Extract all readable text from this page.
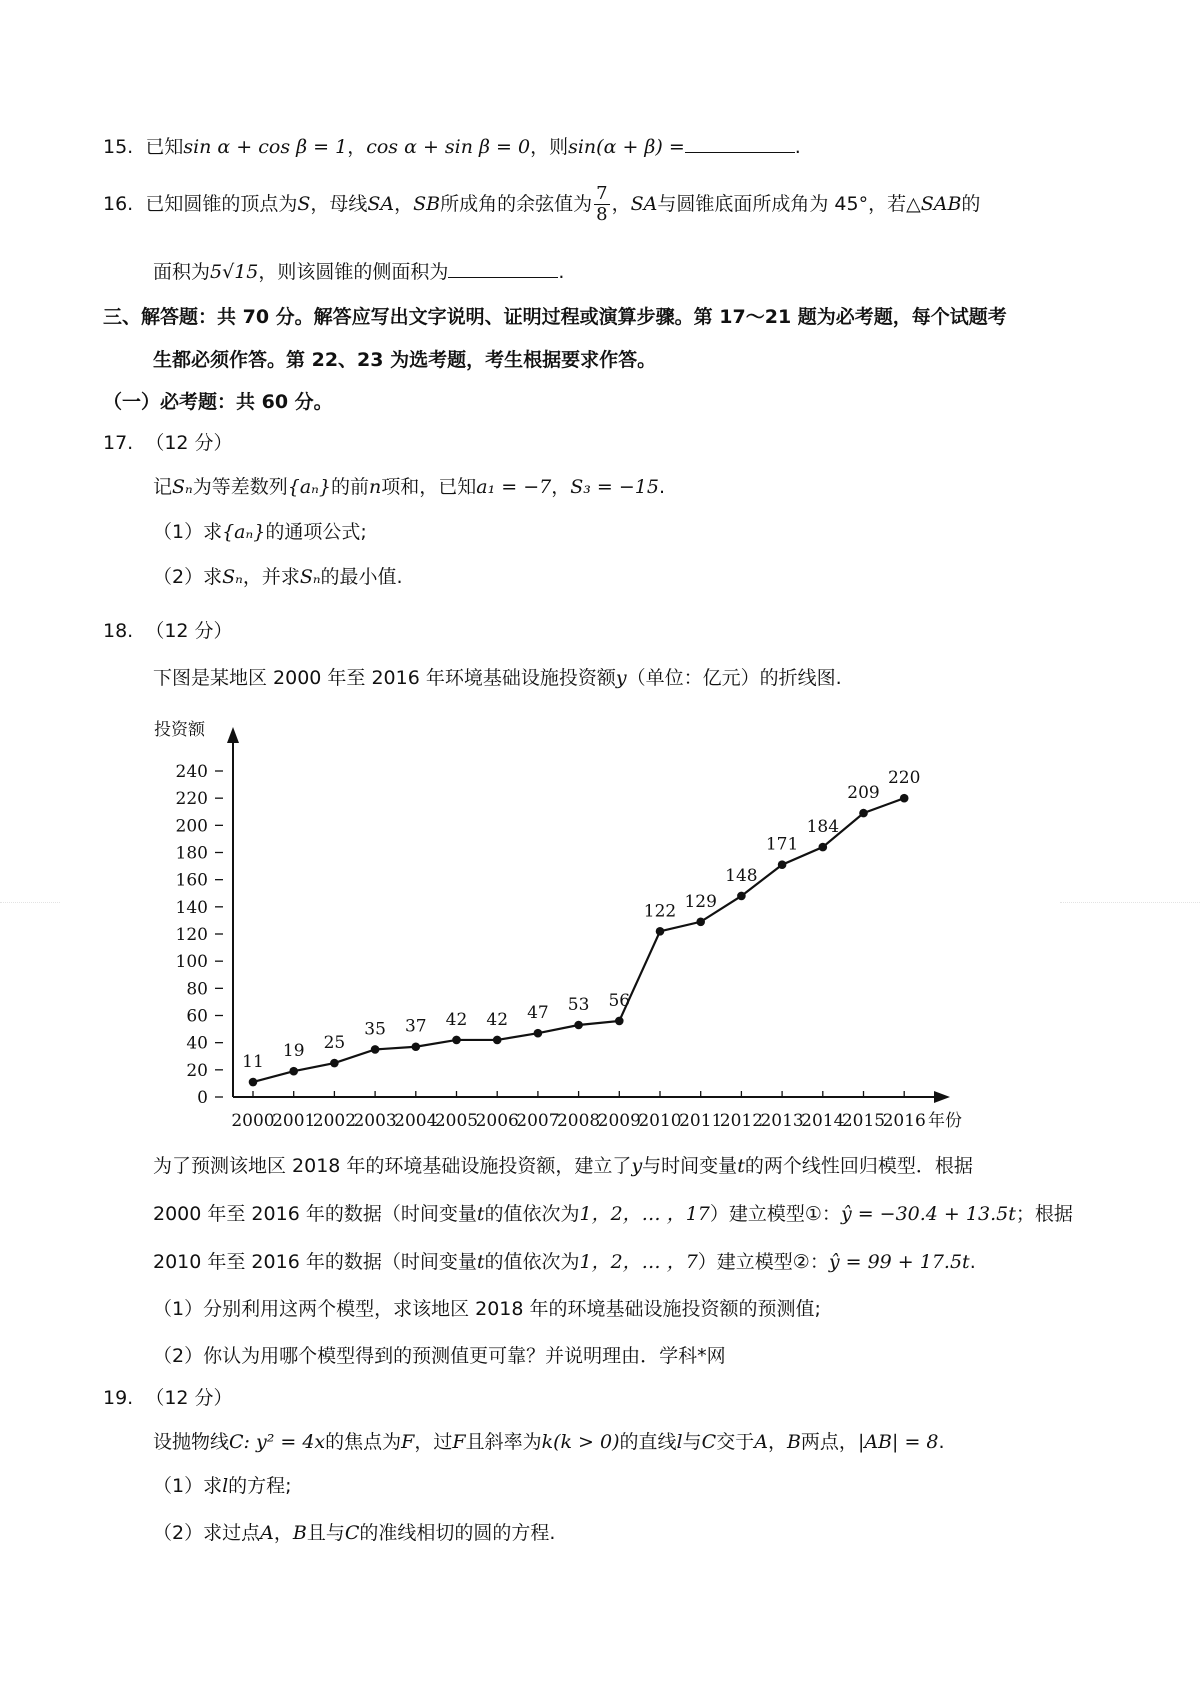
15. 已知sin α + cos β = 1，cos α + sin β = 0，则sin(α + β) =	.
16. 已知圆锥的顶点为S，母线SA，SB所成角的余弦值为 $\frac{7}{8}$ ，SA与圆锥底面所成角为 45°，若△SAB的
面积为5√15，则该圆锥的侧面积为	.
三、解答题：共 70 分。解答应写出文字说明、证明过程或演算步骤。第 17～21 题为必考题，每个试题考
生都必须作答。第 22、23 为选考题，考生根据要求作答。
（一）必考题：共 60 分。
17. （12 分）
记Sₙ为等差数列{aₙ}的前n项和，已知a₁ = −7，S₃ = −15.
（1）求{aₙ}的通项公式;
（2）求Sₙ，并求Sₙ的最小值.
18. （12 分）
下图是某地区 2000 年至 2016 年环境基础设施投资额y（单位：亿元）的折线图.
投资额
年份
0
20
40
60
80
100
120
140
160
180
200
220
240
2000
2001
2002
2003
2004
2005
2006
2007
2008
2009
2010
2011
2012
2013
2014
2015
2016
11
19 25
35 37 42 42 47 53 56
122 129
148
171
184
209
220
为了预测该地区 2018 年的环境基础设施投资额，建立了y与时间变量t的两个线性回归模型．根据
2000 年至 2016 年的数据（时间变量t的值依次为1，2，… ，17）建立模型①：ŷ = −30.4 + 13.5t；根据
2010 年至 2016 年的数据（时间变量t的值依次为1，2，… ，7）建立模型②：ŷ = 99 + 17.5t.
（1）分别利用这两个模型，求该地区 2018 年的环境基础设施投资额的预测值;
（2）你认为用哪个模型得到的预测值更可靠？并说明理由．学科*网
19. （12 分）
设抛物线C: y² = 4x的焦点为F，过F且斜率为k(k > 0)的直线l与C交于A，B两点，|AB| = 8.
（1）求l的方程;
（2）求过点A，B且与C的准线相切的圆的方程.
